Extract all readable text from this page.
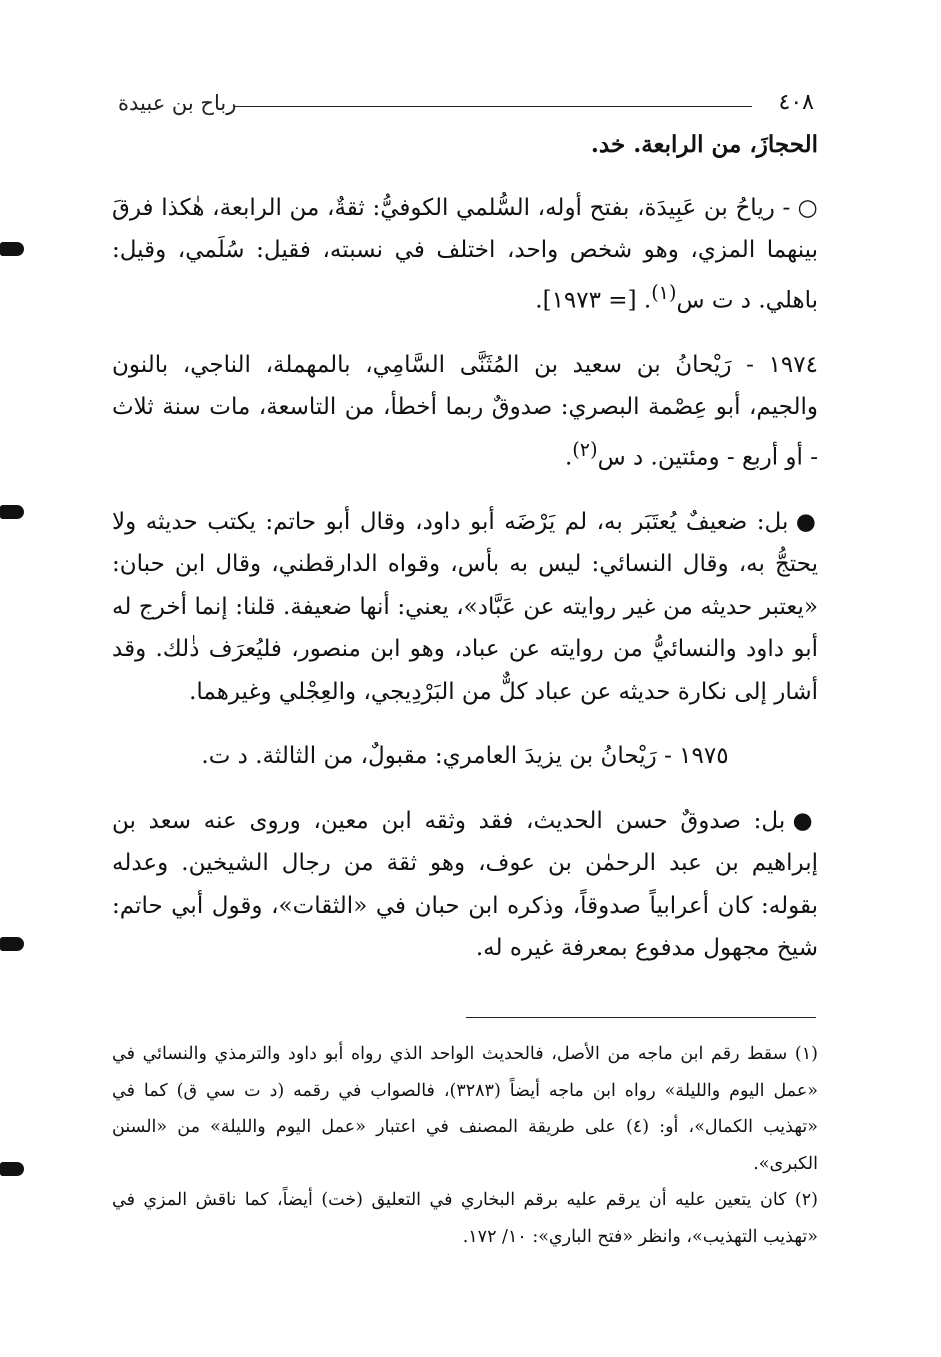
٤٠٨
رباح بن عبيدة

الحجازَ، من الرابعة. خد.

○ - رياحُ بن عَبِيدَة، بفتح أوله، السُّلمي الكوفيُّ: ثقةٌ، من الرابعة، هٰكذا فرقَ بينهما المزي، وهو شخص واحد، اختلف في نسبته، فقيل: سُلَمي، وقيل: باهلي. د ت س$^{(١)}$. [= ١٩٧٣].

١٩٧٤ - رَيْحانُ بن سعيد بن المُثَنَّى السَّامِي، بالمهملة، الناجي، بالنون والجيم، أبو عِصْمة البصري: صدوقٌ ربما أخطأ، من التاسعة، مات سنة ثلاث - أو أربع - ومئتين. د س$^{(٢)}$.

● بل: ضعيفٌ يُعتَبَر به، لم يَرْضَه أبو داود، وقال أبو حاتم: يكتب حديثه ولا يحتجُّ به، وقال النسائي: ليس به بأس، وقواه الدارقطني، وقال ابن حبان: «يعتبر حديثه من غير روايته عن عَبَّاد»، يعني: أنها ضعيفة. قلنا: إنما أخرج له أبو داود والنسائيُّ من روايته عن عباد، وهو ابن منصور، فليُعرَف ذٰلك. وقد أشار إلى نكارة حديثه عن عباد كلٌّ من البَرْدِيجي، والعِجْلي وغيرهما.

١٩٧٥ - رَيْحانُ بن يزيدَ العامري: مقبولٌ، من الثالثة. د ت.

● بل: صدوقٌ حسن الحديث، فقد وثقه ابن معين، وروى عنه سعد بن إبراهيم بن عبد الرحمٰن بن عوف، وهو ثقة من رجال الشيخين. وعدله بقوله: كان أعرابياً صدوقاً، وذكره ابن حبان في «الثقات»، وقول أبي حاتم: شيخ مجهول مدفوع بمعرفة غيره له.

(١) سقط رقم ابن ماجه من الأصل، فالحديث الواحد الذي رواه أبو داود والترمذي والنسائي في «عمل اليوم والليلة» رواه ابن ماجه أيضاً (٣٢٨٣)، فالصواب في رقمه (د ت سي ق) كما في «تهذيب الكمال»، أو: (٤) على طريقة المصنف في اعتبار «عمل اليوم والليلة» من «السنن الكبرى».

(٢) كان يتعين عليه أن يرقم عليه برقم البخاري في التعليق (خت) أيضاً، كما ناقش المزي في «تهذيب التهذيب»، وانظر «فتح الباري»: ١٠/ ١٧٢.
